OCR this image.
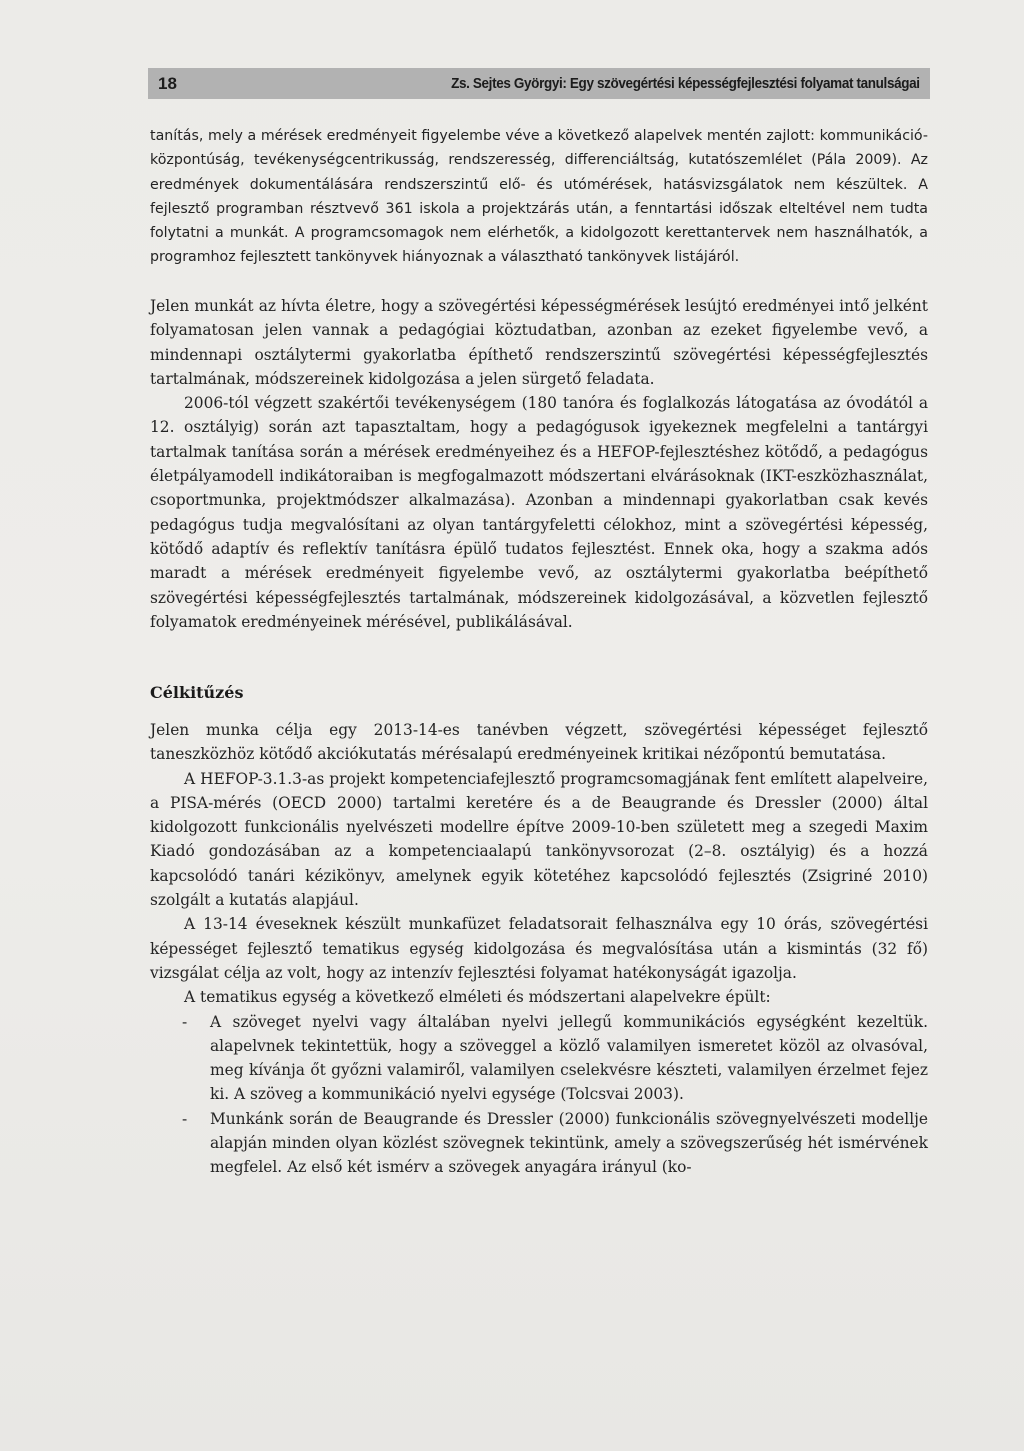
18	Zs. Sejtes Györgyi: Egy szövegértési képességfejlesztési folyamat tanulságai

tanítás, mely a mérések eredményeit figyelembe véve a következő alapelvek mentén zajlott: kommunikáció-központúság, tevékenységcentrikusság, rendszeresség, differenciáltság, kutatószemlélet (Pála 2009). Az eredmények dokumentálására rendszerszintű elő- és utómérések, hatásvizsgálatok nem készültek. A fejlesztő programban résztvevő 361 iskola a projektzárás után, a fenntartási időszak elteltével nem tudta folytatni a munkát. A programcsomagok nem elérhetők, a kidolgozott kerettantervek nem használhatók, a programhoz fejlesztett tankönyvek hiányoznak a választható tankönyvek listájáról.

Jelen munkát az hívta életre, hogy a szövegértési képességmérések lesújtó eredményei intő jelként folyamatosan jelen vannak a pedagógiai köztudatban, azonban az ezeket figyelembe vevő, a mindennapi osztálytermi gyakorlatba építhető rendszerszintű szövegértési képességfejlesztés tartalmának, módszereinek kidolgozása a jelen sürgető feladata.

2006-tól végzett szakértői tevékenységem (180 tanóra és foglalkozás látogatása az óvodától a 12. osztályig) során azt tapasztaltam, hogy a pedagógusok igyekeznek megfelelni a tantárgyi tartalmak tanítása során a mérések eredményeihez és a HEFOP-fejlesztéshez kötődő, a pedagógus életpályamodell indikátoraiban is megfogalmazott módszertani elvárásoknak (IKT-eszközhasználat, csoportmunka, projektmódszer alkalmazása). Azonban a mindennapi gyakorlatban csak kevés pedagógus tudja megvalósítani az olyan tantárgyfeletti célokhoz, mint a szövegértési képesség, kötődő adaptív és reflektív tanításra épülő tudatos fejlesztést. Ennek oka, hogy a szakma adós maradt a mérések eredményeit figyelembe vevő, az osztálytermi gyakorlatba beépíthető szövegértési képességfejlesztés tartalmának, módszereinek kidolgozásával, a közvetlen fejlesztő folyamatok eredményeinek mérésével, publikálásával.

Célkitűzés

Jelen munka célja egy 2013-14-es tanévben végzett, szövegértési képességet fejlesztő taneszközhöz kötődő akciókutatás mérésalapú eredményeinek kritikai nézőpontú bemutatása.

A HEFOP-3.1.3-as projekt kompetenciafejlesztő programcsomagjának fent említett alapelveire, a PISA-mérés (OECD 2000) tartalmi keretére és a de Beaugrande és Dressler (2000) által kidolgozott funkcionális nyelvészeti modellre építve 2009-10-ben született meg a szegedi Maxim Kiadó gondozásában az a kompetenciaalapú tankönyvsorozat (2–8. osztályig) és a hozzá kapcsolódó tanári kézikönyv, amelynek egyik kötetéhez kapcsolódó fejlesztés (Zsigriné 2010) szolgált a kutatás alapjául.

A 13-14 éveseknek készült munkafüzet feladatsorait felhasználva egy 10 órás, szövegértési képességet fejlesztő tematikus egység kidolgozása és megvalósítása után a kismintás (32 fő) vizsgálat célja az volt, hogy az intenzív fejlesztési folyamat hatékonyságát igazolja.

A tematikus egység a következő elméleti és módszertani alapelvekre épült:

- A szöveget nyelvi vagy általában nyelvi jellegű kommunikációs egységként kezeltük. alapelvnek tekintettük, hogy a szöveggel a közlő valamilyen ismeretet közöl az olvasóval, meg kívánja őt győzni valamiről, valamilyen cselekvésre készteti, valamilyen érzelmet fejez ki. A szöveg a kommunikáció nyelvi egysége (Tolcsvai 2003).
- Munkánk során de Beaugrande és Dressler (2000) funkcionális szövegnyelvészeti modellje alapján minden olyan közlést szövegnek tekintünk, amely a szövegszerűség hét ismérvének megfelel. Az első két ismérv a szövegek anyagára irányul (ko-
